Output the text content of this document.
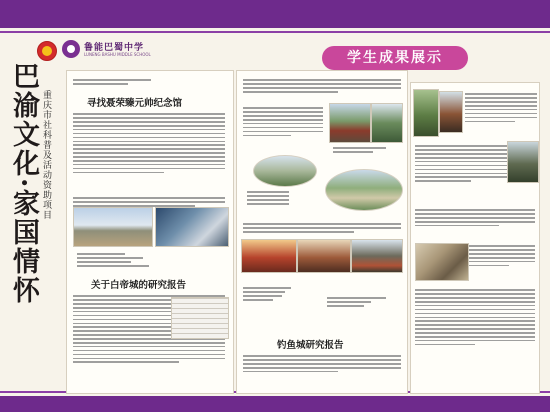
鲁能巴蜀中学
LUNENG BASHU MIDDLE SCHOOL
巴渝文化·家国情怀 重庆市社科普及活动资助项目
学生成果展示
寻找聂荣臻元帅纪念馆
关于白帝城的研究报告
钓鱼城研究报告
